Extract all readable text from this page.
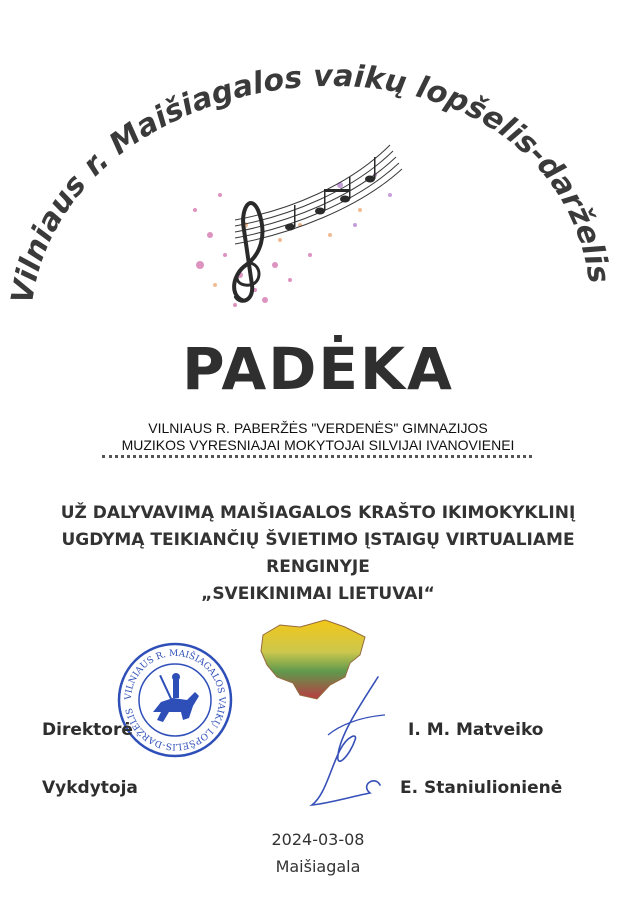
Vilniaus r. Maišiagalos vaikų lopšelis-darželis
PADĖKA
VILNIAUS R. PABERŽĖS "VERDENĖS" GIMNAZIJOS
MUZIKOS VYRESNIAJAI MOKYTOJAI SILVIJAI IVANOVIENEI
UŽ DALYVAVIMĄ MAIŠIAGALOS KRAŠTO IKIMOKYKLINĮ
UGDYMĄ TEIKIANČIŲ ŠVIETIMO ĮSTAIGŲ VIRTUALIAME
RENGINYJE
„SVEIKINIMAI LIETUVAI“
VILNIAUS R. MAIŠIAGALOS VAIKŲ LOPŠELIS-DARŽELIS
Direktorė	I. M. Matveiko
Vykdytoja	E. Staniulionienė
2024-03-08
Maišiagala
